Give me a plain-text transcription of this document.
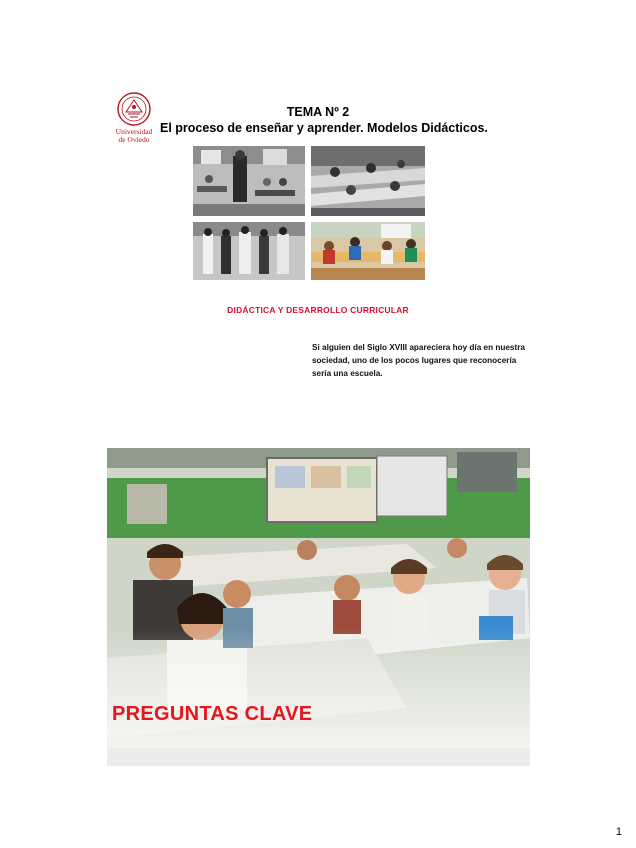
Universidad
de Oviedo
TEMA Nº 2
El proceso de enseñar y aprender. Modelos Didácticos.
DIDÁCTICA Y DESARROLLO CURRICULAR
Si alguien del Siglo XVIII apareciera hoy día en nuestra sociedad, uno de los pocos lugares que reconocería sería una escuela.
PREGUNTAS CLAVE
1
